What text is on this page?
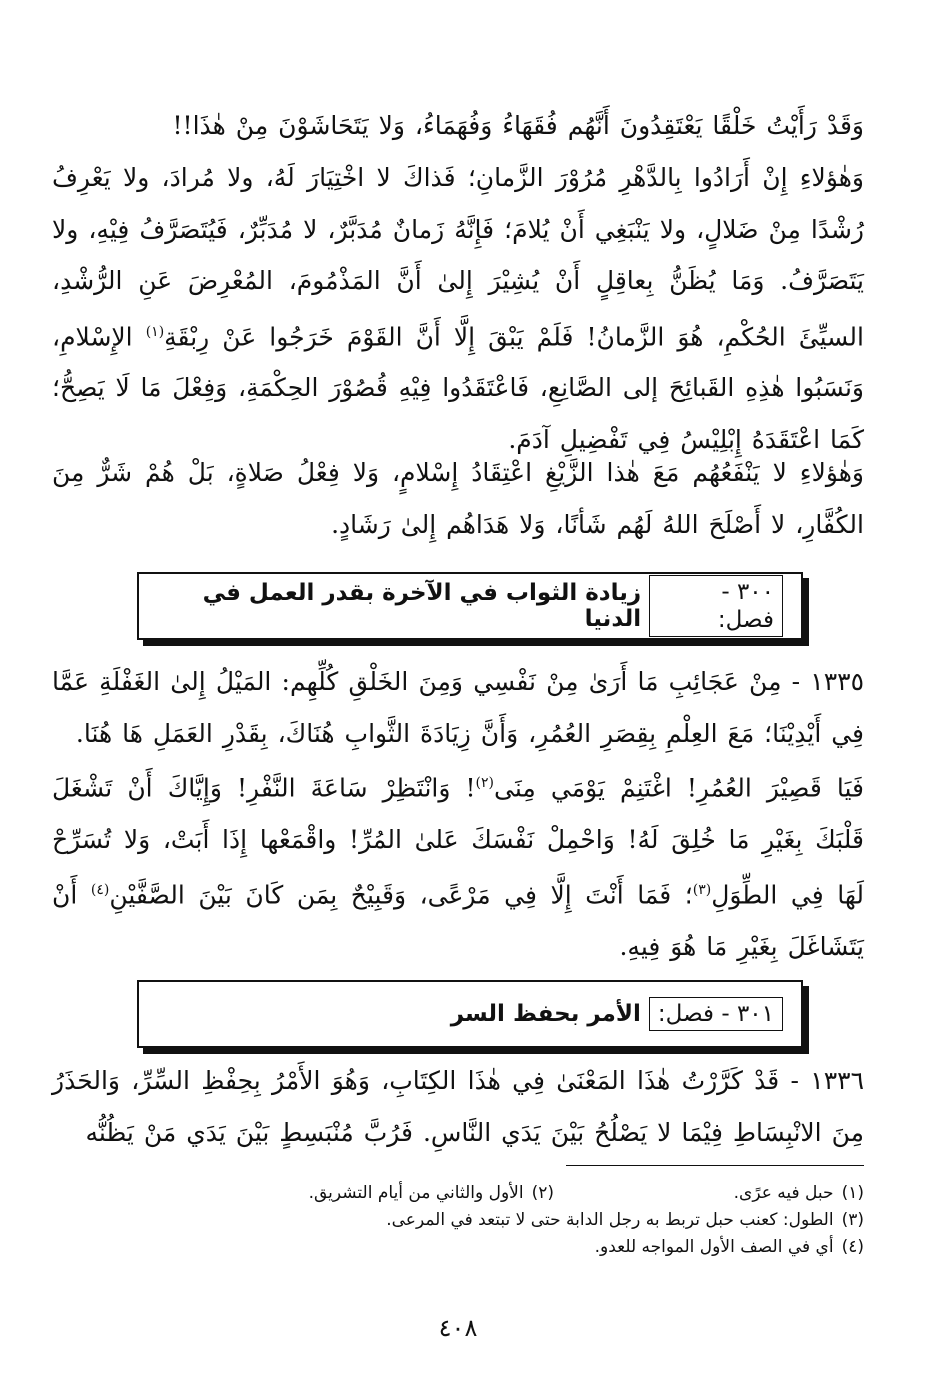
وَقَدْ رَأَيْتُ خَلْقًا يَعْتَقِدُونَ أَنَّهُم فُقَهَاءُ وَفُهَمَاءُ، وَلا يَتَحَاشَوْنَ مِنْ هٰذَا!!
وَهٰؤلاءِ إِنْ أَرَادُوا بِالدَّهْرِ مُرُوْرَ الزَّمانِ؛ فَذاكَ لا اخْتِيَارَ لَهُ، ولا مُرادَ، ولا يَعْرِفُ رُشْدًا مِنْ ضَلالٍ، ولا يَنْبَغِي أَنْ يُلامَ؛ فَإِنَّهُ زَمانٌ مُدَبَّرٌ، لا مُدَبِّرٌ، فَيُتَصَرَّفُ فِيْهِ، ولا يَتَصَرَّفُ. وَمَا يُظَنُّ بِعاقِلٍ أَنْ يُشِيْرَ إِلىٰ أَنَّ المَذْمُومَ، المُعْرِضَ عَنِ الرُّشْدِ، السيِّئَ الحُكْمِ، هُوَ الزَّمانُ! فَلَمْ يَبْقَ إِلَّا أَنَّ القَوْمَ خَرَجُوا عَنْ رِبْقَةِ$^{(١)}$ الإِسْلامِ، وَنَسَبُوا هٰذِهِ القَبائِحَ إلى الصَّانِعِ، فَاعْتَقَدُوا فِيْهِ قُصُوْرَ الحِكْمَةِ، وَفِعْلَ مَا لَا يَصِحُّ؛ كَمَا اعْتَقَدَهُ إِبْلِيْسُ فِي تَفْضِيلِ آدَمَ.
وَهٰؤلاءِ لا يَنْفَعُهُم مَعَ هٰذا الزَّيْغِ اعْتِقَادُ إِسْلامٍ، وَلا فِعْلُ صَلاةٍ، بَلْ هُمْ شَرٌّ مِنَ الكُفَّارِ، لا أَصْلَحَ اللهُ لَهُم شَأنًا، وَلا هَدَاهُم إِلىٰ رَشَادٍ.
٣٠٠ - فصل:
زيادة الثواب في الآخرة بقدر العمل في الدنيا
١٣٣٥ - مِنْ عَجَائِبِ مَا أَرَىٰ مِنْ نَفْسِي وَمِنَ الخَلْقِ كُلِّهِم: المَيْلُ إِلىٰ الغَفْلَةِ عَمَّا فِي أَيْدِيْنَا؛ مَعَ العِلْمِ بِقِصَرِ العُمُرِ، وَأَنَّ زِيَادَةَ الثَّوابِ هُنَاكَ، بِقَدْرِ العَمَلِ هَا هُنَا.
فَيَا قَصِيْرَ العُمُرِ! اغْتَنِمْ يَوْمَي مِنَى$^{(٢)}$! وَانْتَظِرْ سَاعَةَ النَّفْرِ! وَإِيَّاكَ أَنْ تَشْغَلَ قَلْبَكَ بِغَيْرِ مَا خُلِقَ لَهُ! وَاحْمِلْ نَفْسَكَ عَلىٰ المُرِّ! واقْمَعْها إِذَا أَبَتْ، وَلا تُسَرِّحْ لَهَا فِي الطِّوَلِ$^{(٣)}$؛ فَمَا أَنْتَ إِلَّا فِي مَرْعًى، وَقَبِيْحٌ بِمَن كَانَ بَيْنَ الصَّفَّيْنِ$^{(٤)}$ أَنْ يَتَشَاغَلَ بِغَيْرِ مَا هُوَ فِيهِ.
٣٠١ - فصل:
الأمر بحفظ السر
١٣٣٦ - قَدْ كَرَّرْتُ هٰذَا المَعْنَىٰ فِي هٰذَا الكِتَابِ، وَهُوَ الأَمْرُ بِحِفْظِ السِّرِّ، وَالحَذَرُ مِنَ الانْبِسَاطِ فِيْمَا لا يَصْلُحُ بَيْنَ يَدَي النَّاسِ. فَرُبَّ مُنْبَسِطٍ بَيْنَ يَدَي مَنْ يَظُنُّه
(١)حبل فيه عرًى.
(٢)الأول والثاني من أيام التشريق.
(٣)
الطول: كعنب حبل تربط به رجل الدابة حتى لا تبتعد في المرعى.
(٤)
أي في الصف الأول المواجه للعدو.
٤٠٨
